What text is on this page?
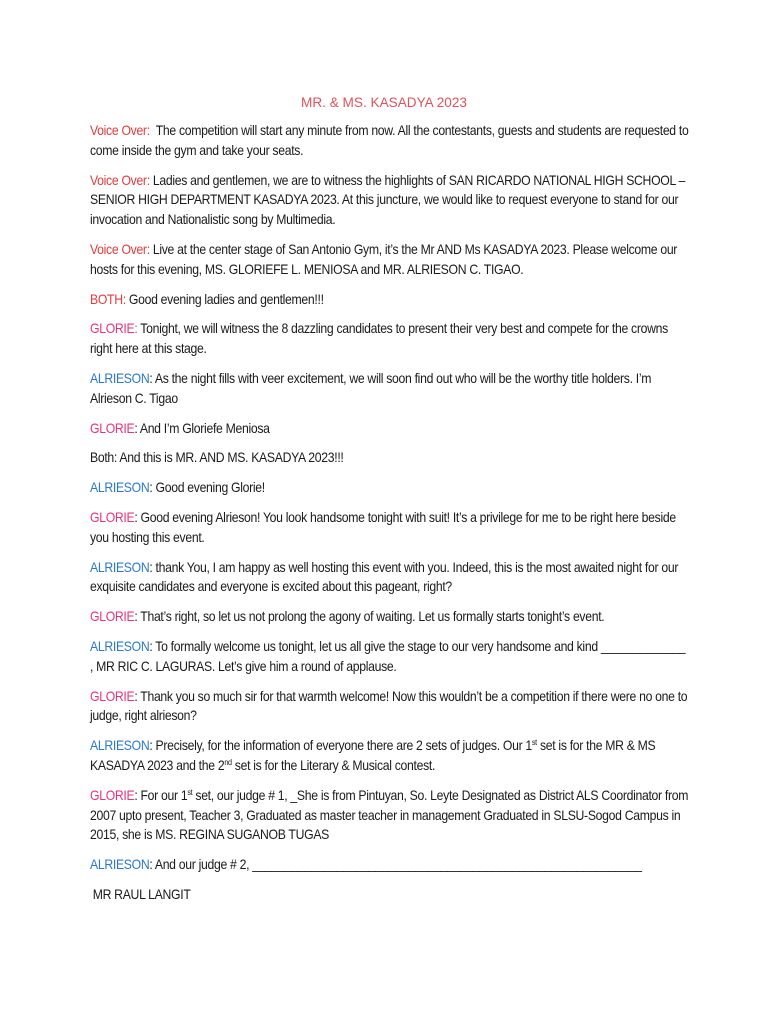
MR. & MS. KASADYA 2023

Voice Over:  The competition will start any minute from now. All the contestants, guests and students are requested to come inside the gym and take your seats.

Voice Over: Ladies and gentlemen, we are to witness the highlights of SAN RICARDO NATIONAL HIGH SCHOOL – SENIOR HIGH DEPARTMENT KASADYA 2023. At this juncture, we would like to request everyone to stand for our invocation and Nationalistic song by Multimedia.

Voice Over: Live at the center stage of San Antonio Gym, it’s the Mr AND Ms KASADYA 2023. Please welcome our hosts for this evening, MS. GLORIEFE L. MENIOSA and MR. ALRIESON C. TIGAO.

BOTH: Good evening ladies and gentlemen!!!

GLORIE: Tonight, we will witness the 8 dazzling candidates to present their very best and compete for the crowns right here at this stage.

ALRIESON: As the night fills with veer excitement, we will soon find out who will be the worthy title holders. I’m Alrieson C. Tigao

GLORIE: And I’m Gloriefe Meniosa

Both: And this is MR. AND MS. KASADYA 2023!!!

ALRIESON: Good evening Glorie!

GLORIE: Good evening Alrieson! You look handsome tonight with suit! It’s a privilege for me to be right here beside you hosting this event.

ALRIESON: thank You, I am happy as well hosting this event with you. Indeed, this is the most awaited night for our exquisite candidates and everyone is excited about this pageant, right?

GLORIE: That’s right, so let us not prolong the agony of waiting. Let us formally starts tonight’s event.

ALRIESON: To formally welcome us tonight, let us all give the stage to our very handsome and kind _____________ , MR RIC C. LAGURAS. Let’s give him a round of applause.

GLORIE: Thank you so much sir for that warmth welcome! Now this wouldn’t be a competition if there were no one to judge, right alrieson?

ALRIESON: Precisely, for the information of everyone there are 2 sets of judges. Our 1st set is for the MR & MS KASADYA 2023 and the 2nd set is for the Literary & Musical contest.

GLORIE: For our 1st set, our judge # 1, _She is from Pintuyan, So. Leyte Designated as District ALS Coordinator from 2007 upto present, Teacher 3, Graduated as master teacher in management Graduated in SLSU-Sogod Campus in 2015, she is MS. REGINA SUGANOB TUGAS

ALRIESON: And our judge # 2, ____________________________________________________________

MR RAUL LANGIT
